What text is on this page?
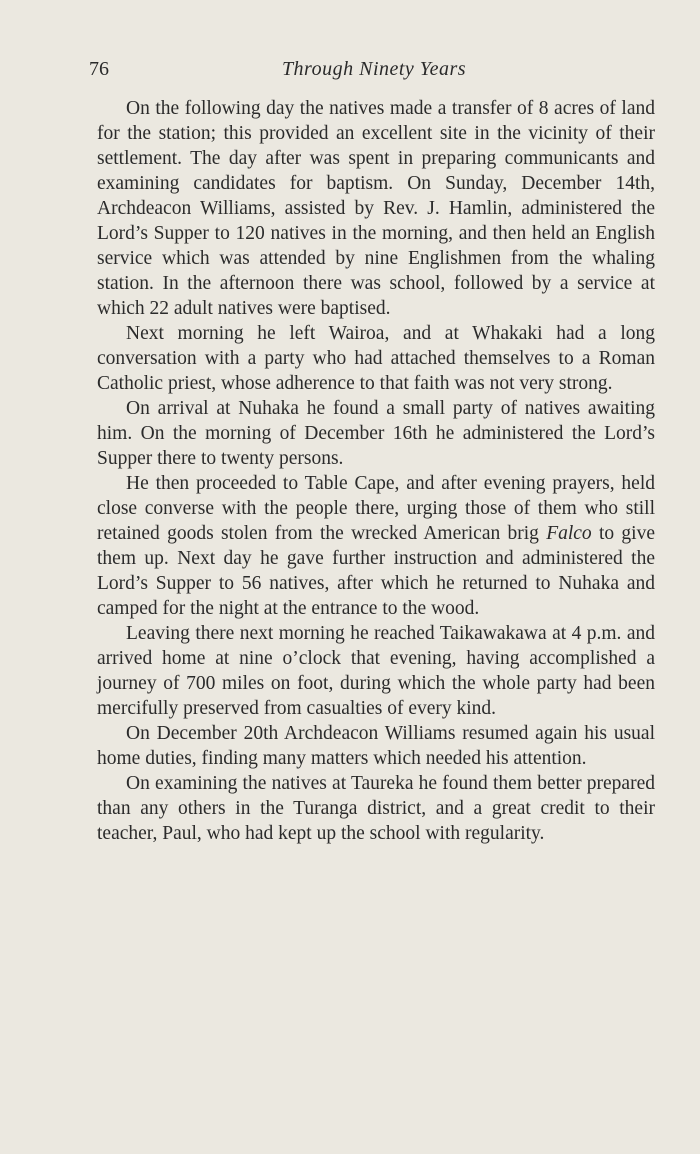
76	Through Ninety Years

On the following day the natives made a transfer of 8 acres of land for the station; this provided an excellent site in the vicinity of their settlement. The day after was spent in preparing communicants and examining candidates for baptism. On Sunday, December 14th, Archdeacon Williams, assisted by Rev. J. Hamlin, administered the Lord’s Supper to 120 natives in the morning, and then held an English service which was attended by nine Englishmen from the whaling station. In the afternoon there was school, followed by a service at which 22 adult natives were baptised.

Next morning he left Wairoa, and at Whakaki had a long conversation with a party who had attached themselves to a Roman Catholic priest, whose adherence to that faith was not very strong.

On arrival at Nuhaka he found a small party of natives awaiting him. On the morning of December 16th he administered the Lord’s Supper there to twenty persons.

He then proceeded to Table Cape, and after evening prayers, held close converse with the people there, urging those of them who still retained goods stolen from the wrecked American brig Falco to give them up. Next day he gave further instruction and administered the Lord’s Supper to 56 natives, after which he returned to Nuhaka and camped for the night at the entrance to the wood.

Leaving there next morning he reached Taikawakawa at 4 p.m. and arrived home at nine o’clock that evening, having accomplished a journey of 700 miles on foot, during which the whole party had been mercifully preserved from casualties of every kind.

On December 20th Archdeacon Williams resumed again his usual home duties, finding many matters which needed his attention.

On examining the natives at Taureka he found them better prepared than any others in the Turanga district, and a great credit to their teacher, Paul, who had kept up the school with regularity.
